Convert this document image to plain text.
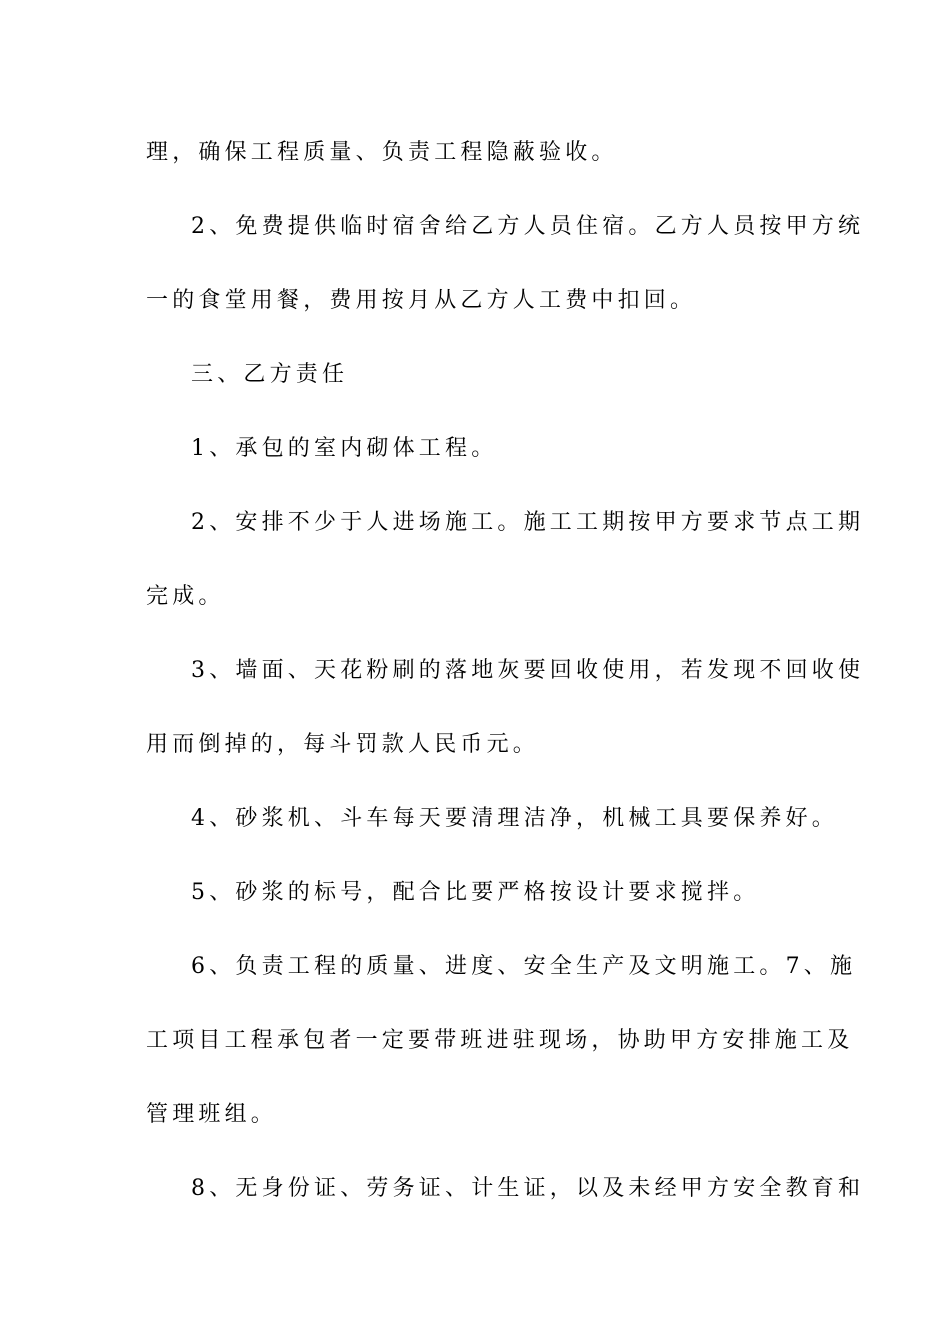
理，确保工程质量、负责工程隐蔽验收。

2、免费提供临时宿舍给乙方人员住宿。乙方人员按甲方统

一的食堂用餐，费用按月从乙方人工费中扣回。

三、乙方责任

1、承包的室内砌体工程。

2、安排不少于人进场施工。施工工期按甲方要求节点工期

完成。

3、墙面、天花粉刷的落地灰要回收使用，若发现不回收使

用而倒掉的，每斗罚款人民币元。

4、砂浆机、斗车每天要清理洁净，机械工具要保养好。

5、砂浆的标号，配合比要严格按设计要求搅拌。

6、负责工程的质量、进度、安全生产及文明施工。7、施

工项目工程承包者一定要带班进驻现场，协助甲方安排施工及

管理班组。

8、无身份证、劳务证、计生证，以及未经甲方安全教育和
